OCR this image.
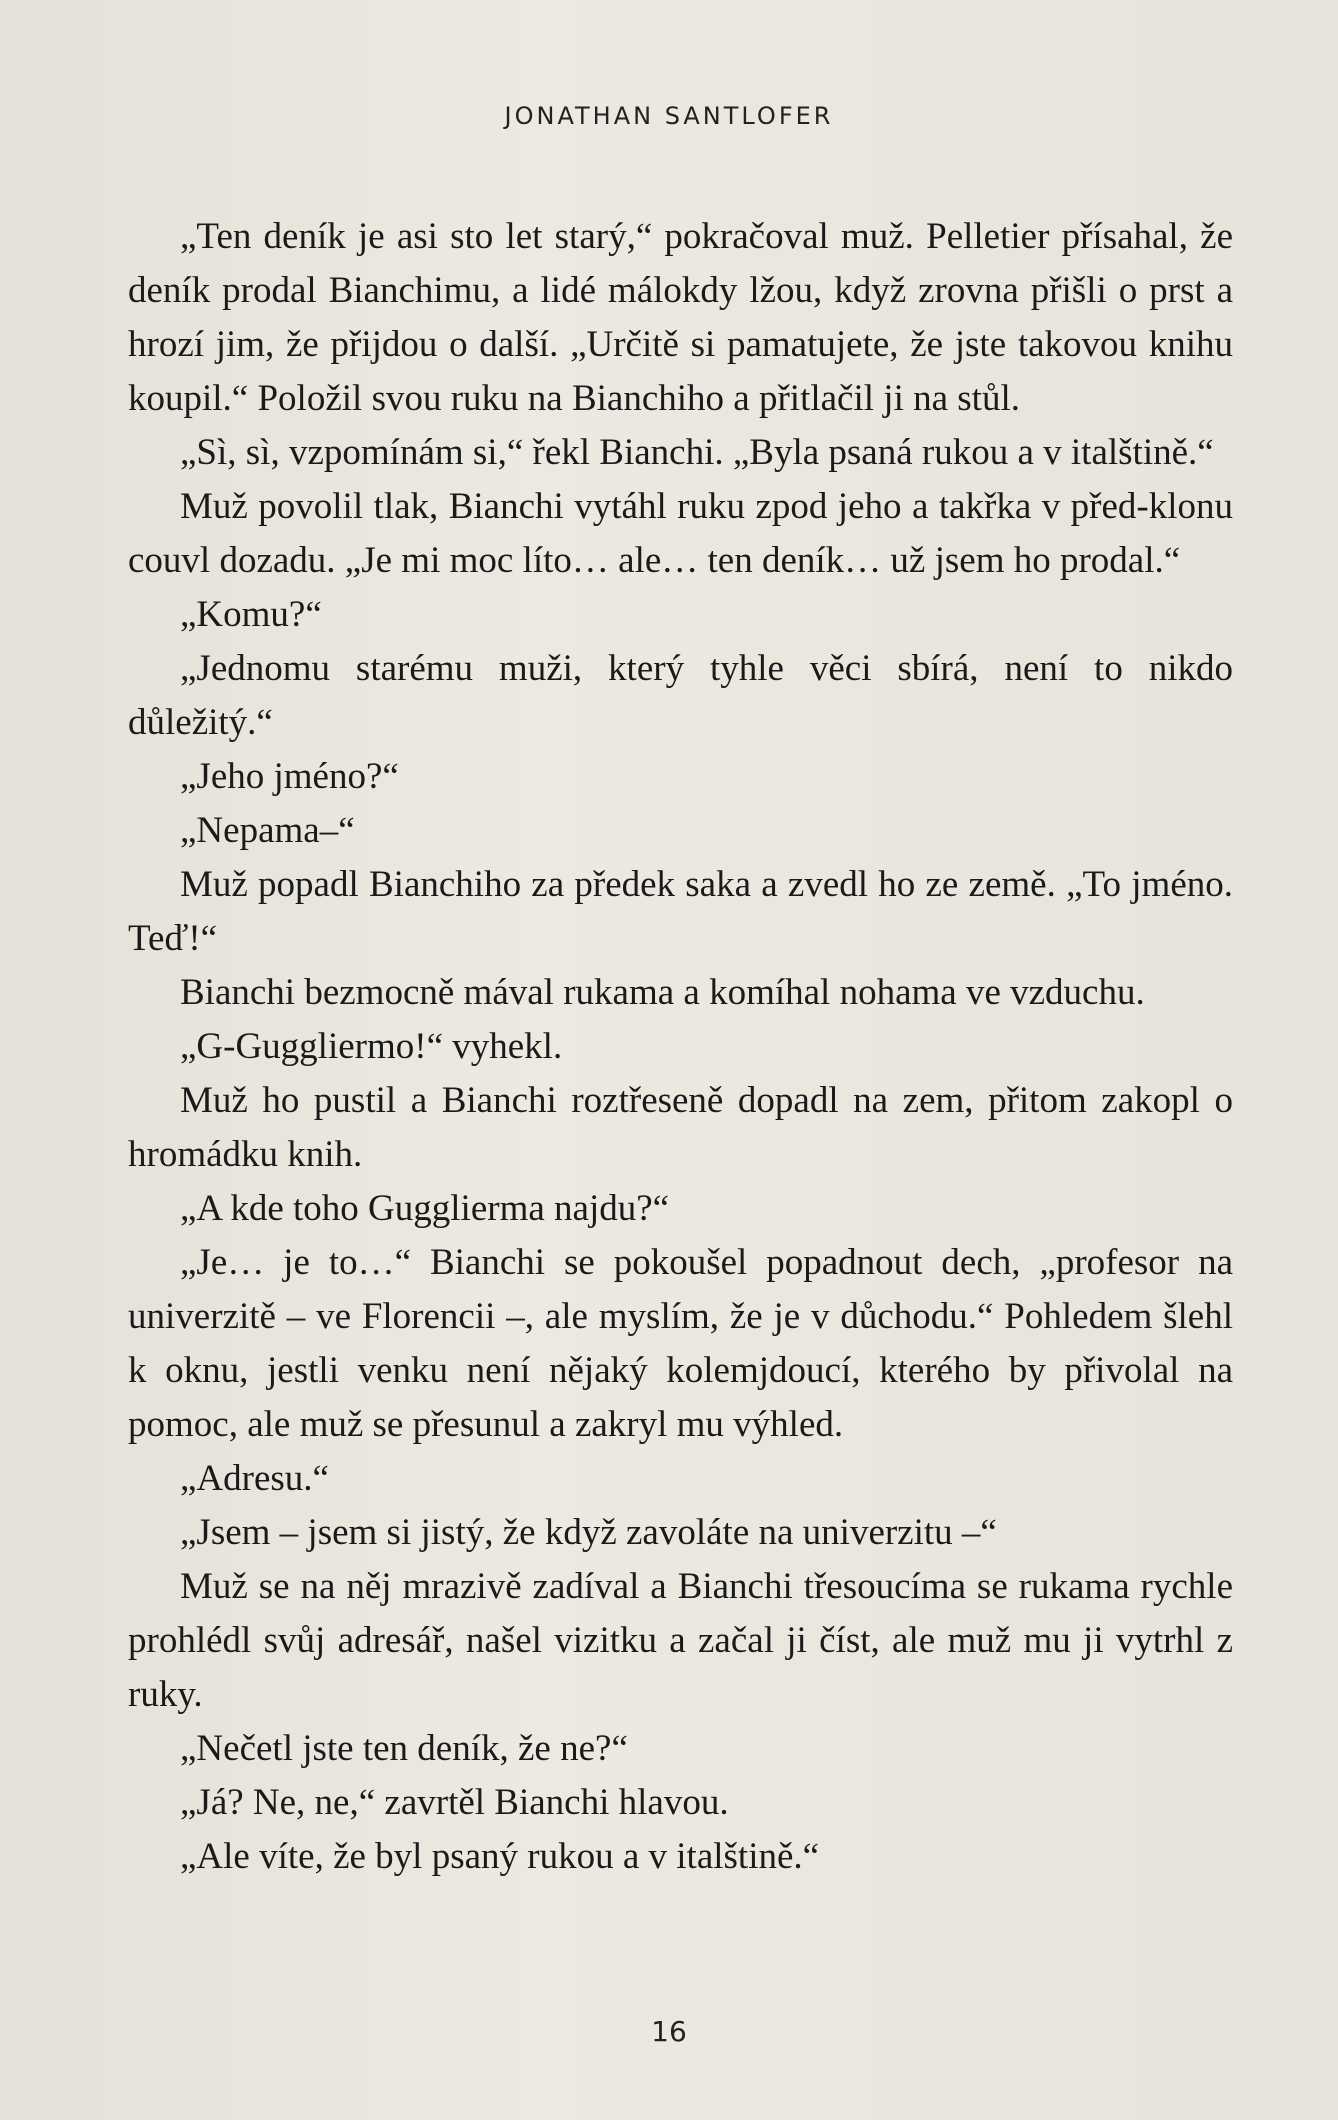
JONATHAN SANTLOFER

„Ten deník je asi sto let starý,“ pokračoval muž. Pelletier přísahal, že deník prodal Bianchimu, a lidé málokdy lžou, když zrovna přišli o prst a hrozí jim, že přijdou o další. „Určitě si pamatujete, že jste takovou knihu koupil.“ Položil svou ruku na Bianchiho a přitlačil ji na stůl.

„Sì, sì, vzpomínám si,“ řekl Bianchi. „Byla psaná rukou a v italštině.“

Muž povolil tlak, Bianchi vytáhl ruku zpod jeho a takřka v před-klonu couvl dozadu. „Je mi moc líto… ale… ten deník… už jsem ho prodal.“

„Komu?“

„Jednomu starému muži, který tyhle věci sbírá, není to nikdo důležitý.“

„Jeho jméno?“

„Nepama–“

Muž popadl Bianchiho za předek saka a zvedl ho ze země. „To jméno. Teď!“

Bianchi bezmocně mával rukama a komíhal nohama ve vzduchu.

„G-Guggliermo!“ vyhekl.

Muž ho pustil a Bianchi roztřeseně dopadl na zem, přitom zakopl o hromádku knih.

„A kde toho Gugglierma najdu?“

„Je… je to…“ Bianchi se pokoušel popadnout dech, „profesor na univerzitě – ve Florencii –, ale myslím, že je v důchodu.“ Pohledem šlehl k oknu, jestli venku není nějaký kolemjdoucí, kterého by přivolal na pomoc, ale muž se přesunul a zakryl mu výhled.

„Adresu.“

„Jsem – jsem si jistý, že když zavoláte na univerzitu –“

Muž se na něj mrazivě zadíval a Bianchi třesoucíma se rukama rychle prohlédl svůj adresář, našel vizitku a začal ji číst, ale muž mu ji vytrhl z ruky.

„Nečetl jste ten deník, že ne?“

„Já? Ne, ne,“ zavrtěl Bianchi hlavou.

„Ale víte, že byl psaný rukou a v italštině.“

16
